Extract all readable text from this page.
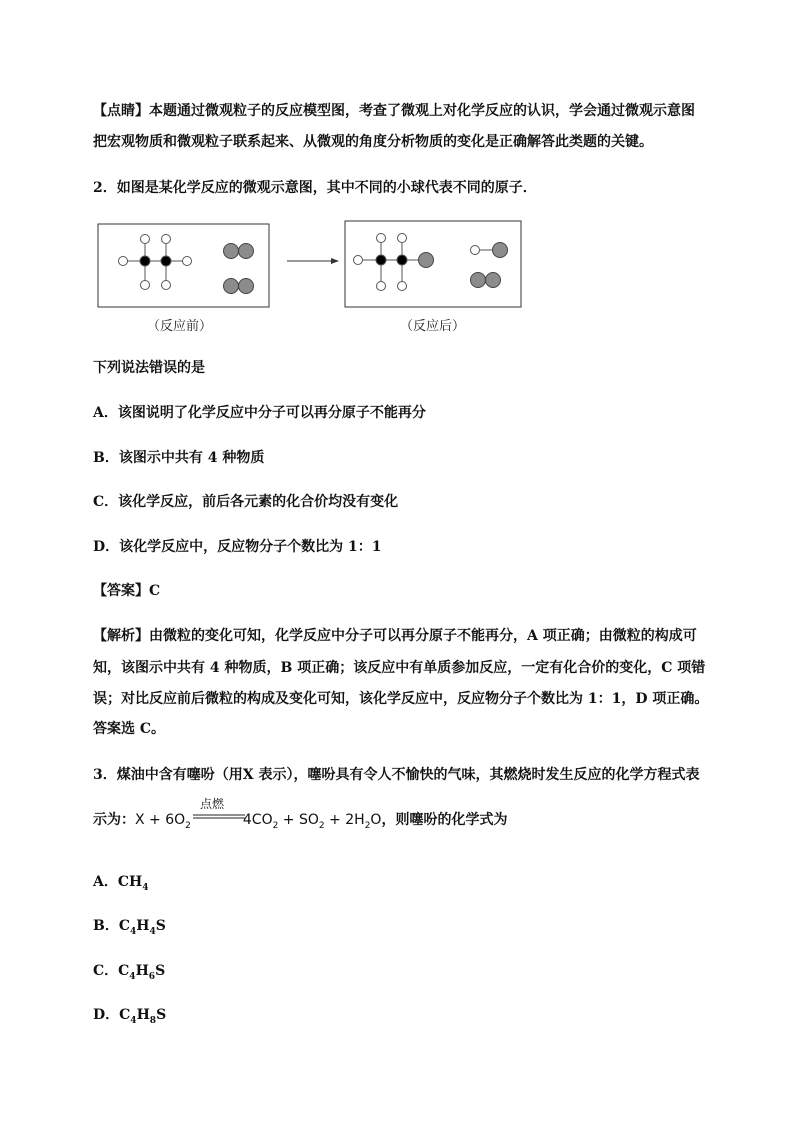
【点睛】本题通过微观粒子的反应模型图，考查了微观上对化学反应的认识，学会通过微观示意图
把宏观物质和微观粒子联系起来、从微观的角度分析物质的变化是正确解答此类题的关键。
2．如图是某化学反应的微观示意图，其中不同的小球代表不同的原子．
（反应前）	（反应后）
下列说法错误的是
A．该图说明了化学反应中分子可以再分原子不能再分
B．该图示中共有 4 种物质
C．该化学反应，前后各元素的化合价均没有变化
D．该化学反应中，反应物分子个数比为 1：1
【答案】C
【解析】由微粒的变化可知，化学反应中分子可以再分原子不能再分，A 项正确；由微粒的构成可
知，该图示中共有 4 种物质，B 项正确；该反应中有单质参加反应，一定有化合价的变化，C 项错
误；对比反应前后微粒的构成及变化可知，该化学反应中，反应物分子个数比为 1：1，D 项正确。
答案选 C。
3．煤油中含有噻吩（用X 表示），噻吩具有令人不愉快的气味，其燃烧时发生反应的化学方程式表
示为：$X + 6O_2$	$4CO_2 + SO_2 + 2H_2O$，则噻吩的化学式为
点燃
A．$CH_4$
B．$C_4H_4S$
C．$C_4H_6S$
D．$C_4H_8S$
